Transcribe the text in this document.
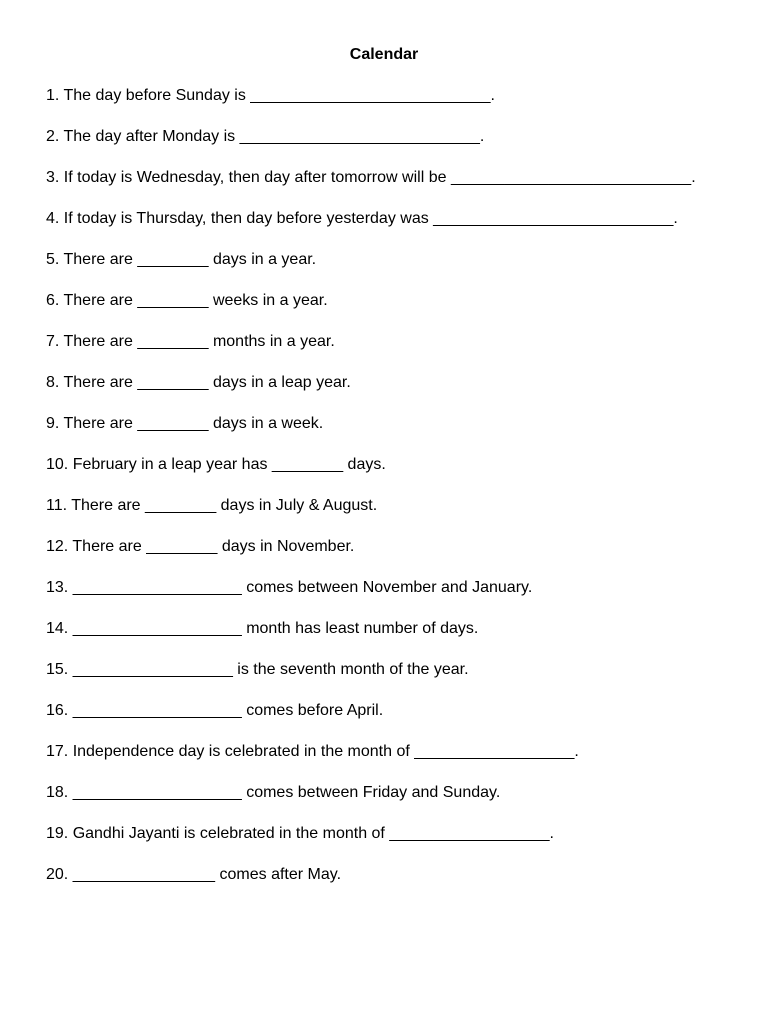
Calendar
1. The day before Sunday is ___________________________.
2. The day after Monday is ___________________________.
3. If today is Wednesday, then day after tomorrow will be ___________________________.
4. If today is Thursday, then day before yesterday was ___________________________.
5. There are ________ days in a year.
6. There are ________ weeks in a year.
7. There are ________ months in a year.
8. There are ________ days in a leap year.
9. There are ________ days in a week.
10. February in a leap year has ________ days.
11. There are ________ days in July & August.
12. There are ________ days in November.
13. ___________________ comes between November and January.
14. ___________________ month has least number of days.
15. __________________ is the seventh month of the year.
16. ___________________ comes before April.
17. Independence day is celebrated in the month of __________________.
18. ___________________ comes between Friday and Sunday.
19. Gandhi Jayanti is celebrated in the month of __________________.
20. ________________ comes after May.
